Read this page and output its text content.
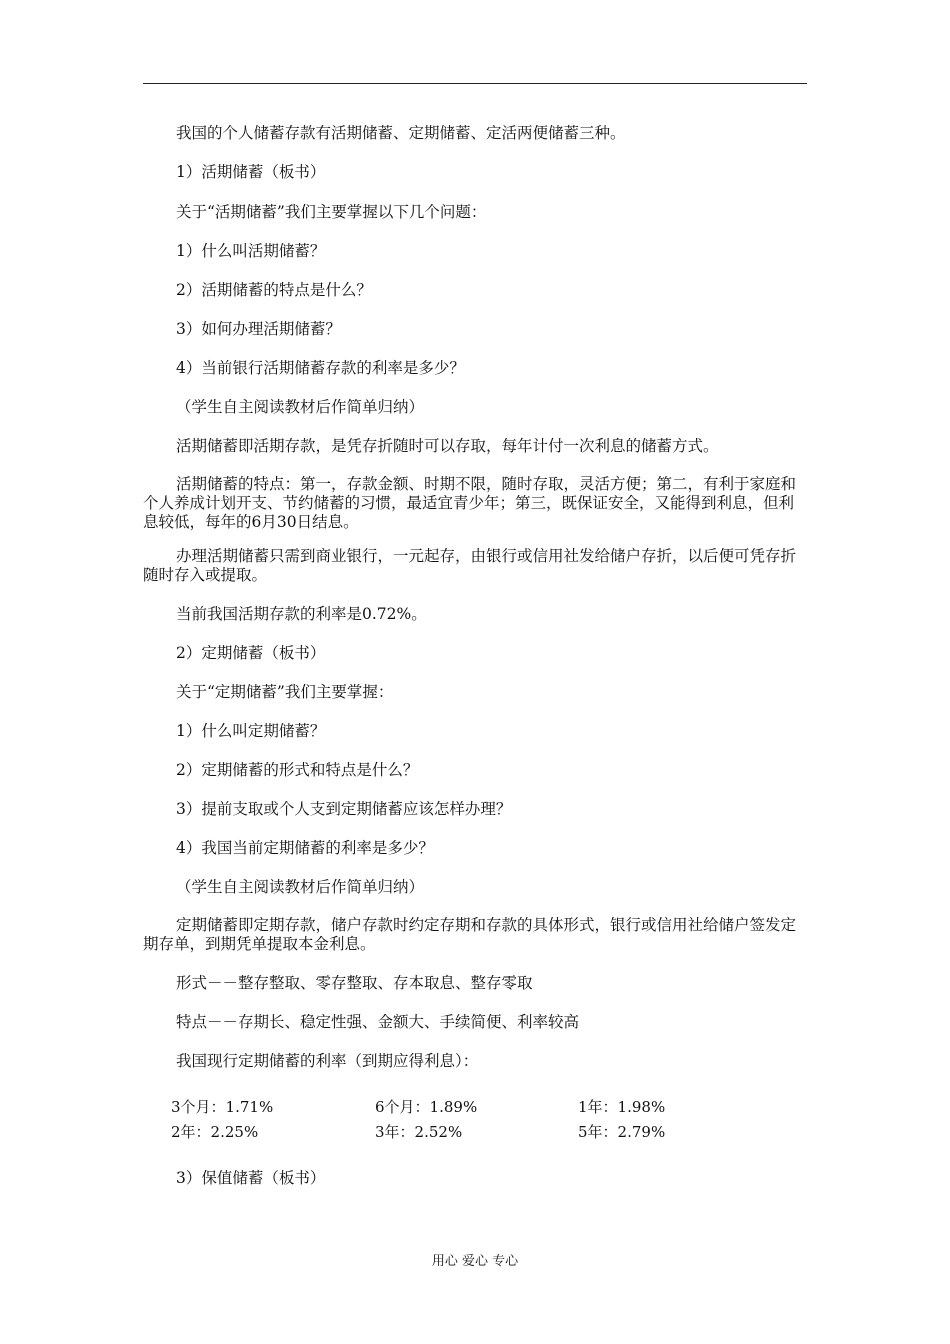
我国的个人储蓄存款有活期储蓄、定期储蓄、定活两便储蓄三种。

1）活期储蓄（板书）

关于“活期储蓄”我们主要掌握以下几个问题：

1）什么叫活期储蓄？

2）活期储蓄的特点是什么？

3）如何办理活期储蓄？

4）当前银行活期储蓄存款的利率是多少？

（学生自主阅读教材后作简单归纳）

活期储蓄即活期存款，是凭存折随时可以存取，每年计付一次利息的储蓄方式。

活期储蓄的特点：第一，存款金额、时期不限，随时存取，灵活方便；第二，有利于家庭和个人养成计划开支、节约储蓄的习惯，最适宜青少年；第三，既保证安全，又能得到利息，但利息较低，每年的6月30日结息。

办理活期储蓄只需到商业银行，一元起存，由银行或信用社发给储户存折，以后便可凭存折随时存入或提取。

当前我国活期存款的利率是0.72%。

2）定期储蓄（板书）

关于“定期储蓄”我们主要掌握：

1）什么叫定期储蓄？

2）定期储蓄的形式和特点是什么？

3）提前支取或个人支到定期储蓄应该怎样办理？

4）我国当前定期储蓄的利率是多少？

（学生自主阅读教材后作简单归纳）

定期储蓄即定期存款，储户存款时约定存期和存款的具体形式，银行或信用社给储户签发定期存单，到期凭单提取本金利息。

形式－－整存整取、零存整取、存本取息、整存零取

特点－－存期长、稳定性强、金额大、手续简便、利率较高

我国现行定期储蓄的利率（到期应得利息）：

3个月：1.71%	6个月：1.89%	1年：1.98%
2年：2.25%	3年：2.52%	5年：2.79%

3）保值储蓄（板书）

用心 爱心 专心
